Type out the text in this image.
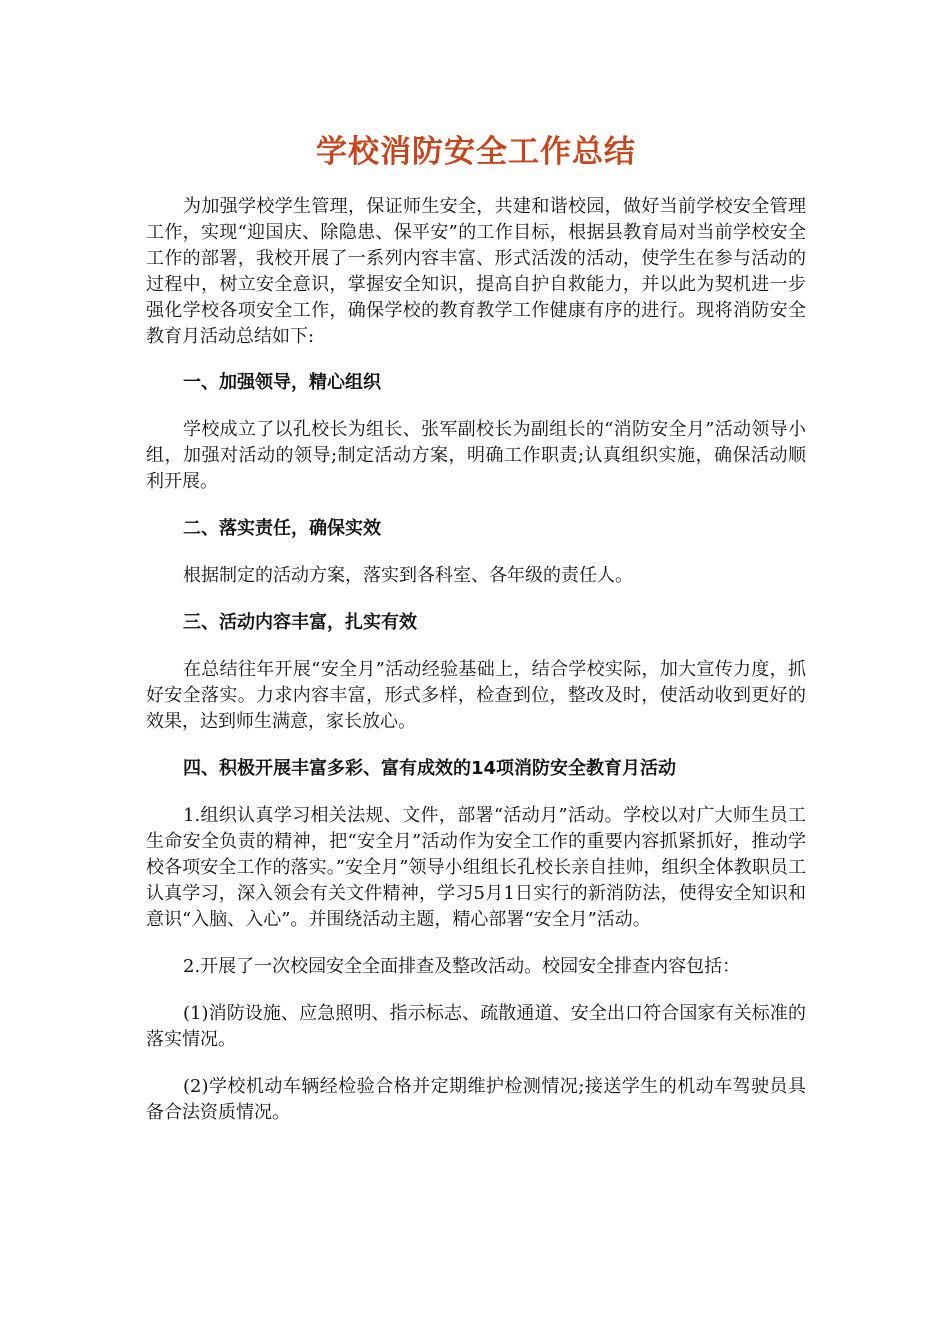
学校消防安全工作总结

为加强学校学生管理，保证师生安全，共建和谐校园，做好当前学校安全管理工作，实现“迎国庆、除隐患、保平安”的工作目标，根据县教育局对当前学校安全工作的部署，我校开展了一系列内容丰富、形式活泼的活动，使学生在参与活动的过程中，树立安全意识，掌握安全知识，提高自护自救能力，并以此为契机进一步强化学校各项安全工作，确保学校的教育教学工作健康有序的进行。现将消防安全教育月活动总结如下:

一、加强领导，精心组织

学校成立了以孔校长为组长、张军副校长为副组长的“消防安全月”活动领导小组，加强对活动的领导;制定活动方案，明确工作职责;认真组织实施，确保活动顺利开展。

二、落实责任，确保实效

根据制定的活动方案，落实到各科室、各年级的责任人。

三、活动内容丰富，扎实有效

在总结往年开展“安全月”活动经验基础上，结合学校实际，加大宣传力度，抓好安全落实。力求内容丰富，形式多样，检查到位，整改及时，使活动收到更好的效果，达到师生满意，家长放心。

四、积极开展丰富多彩、富有成效的14项消防安全教育月活动

1.组织认真学习相关法规、文件，部署“活动月”活动。学校以对广大师生员工生命安全负责的精神，把“安全月”活动作为安全工作的重要内容抓紧抓好，推动学校各项安全工作的落实。”安全月”领导小组组长孔校长亲自挂帅，组织全体教职员工认真学习，深入领会有关文件精神，学习5月1日实行的新消防法，使得安全知识和意识“入脑、入心”。并围绕活动主题，精心部署“安全月”活动。

2.开展了一次校园安全全面排查及整改活动。校园安全排查内容包括：

(1)消防设施、应急照明、指示标志、疏散通道、安全出口符合国家有关标准的落实情况。

(2)学校机动车辆经检验合格并定期维护检测情况;接送学生的机动车驾驶员具备合法资质情况。
